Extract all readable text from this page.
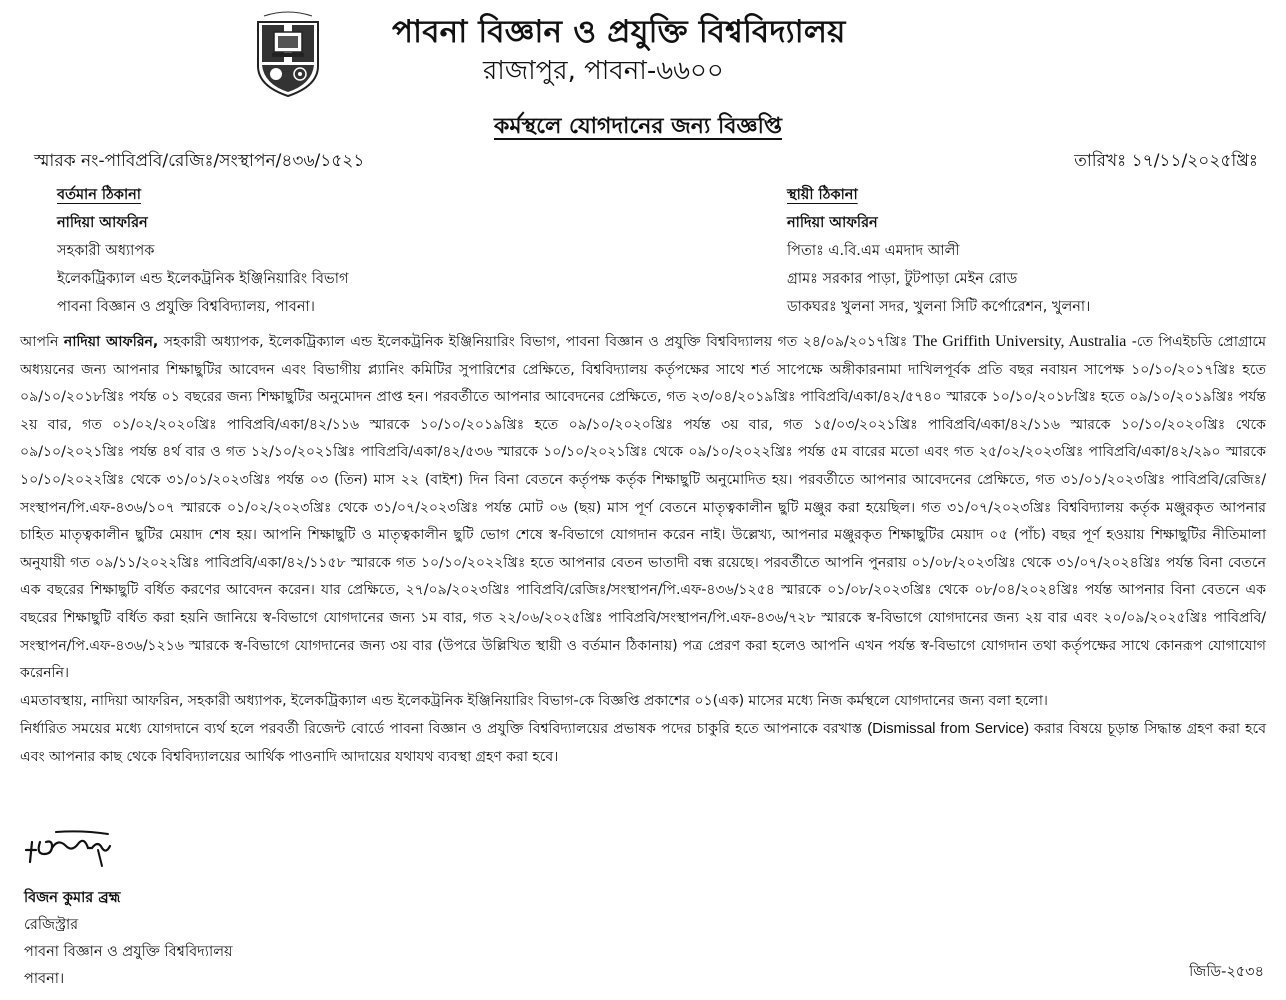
পাবনা বিজ্ঞান ও প্রযুক্তি বিশ্ববিদ্যালয়
রাজাপুর, পাবনা-৬৬০০
কর্মস্থলে যোগদানের জন্য বিজ্ঞপ্তি
স্মারক নং-পাবিপ্রবি/রেজিঃ/সংস্থাপন/৪৩৬/১৫২১	তারিখঃ ১৭/১১/২০২৫খ্রিঃ
বর্তমান ঠিকানা
নাদিয়া আফরিন
সহকারী অধ্যাপক
ইলেকট্রিক্যাল এন্ড ইলেকট্রনিক ইঞ্জিনিয়ারিং বিভাগ
পাবনা বিজ্ঞান ও প্রযুক্তি বিশ্ববিদ্যালয়, পাবনা।
স্থায়ী ঠিকানা
নাদিয়া আফরিন
পিতাঃ এ.বি.এম এমদাদ আলী
গ্রামঃ সরকার পাড়া, টুটপাড়া মেইন রোড
ডাকঘরঃ খুলনা সদর, খুলনা সিটি কর্পোরেশন, খুলনা।

আপনি নাদিয়া আফরিন, সহকারী অধ্যাপক, ইলেকট্রিক্যাল এন্ড ইলেকট্রনিক ইঞ্জিনিয়ারিং বিভাগ, পাবনা বিজ্ঞান ও প্রযুক্তি বিশ্ববিদ্যালয় গত ২৪/০৯/২০১৭খ্রিঃ The Griffith University, Australia -তে পিএইচডি প্রোগ্রামে অধ্যয়নের জন্য আপনার শিক্ষাছুটির আবেদন এবং বিভাগীয় প্ল্যানিং কমিটির সুপারিশের প্রেক্ষিতে, বিশ্ববিদ্যালয় কর্তৃপক্ষের সাথে শর্ত সাপেক্ষে অঙ্গীকারনামা দাখিলপূর্বক প্রতি বছর নবায়ন সাপেক্ষ ১০/১০/২০১৭খ্রিঃ হতে ০৯/১০/২০১৮খ্রিঃ পর্যন্ত ০১ বছরের জন্য শিক্ষাছুটির অনুমোদন প্রাপ্ত হন। পরবর্তীতে আপনার আবেদনের প্রেক্ষিতে, গত ২৩/০৪/২০১৯খ্রিঃ পাবিপ্রবি/একা/৪২/৫৭৪০ স্মারকে ১০/১০/২০১৮খ্রিঃ হতে ০৯/১০/২০১৯খ্রিঃ পর্যন্ত ২য় বার, গত ০১/০২/২০২০খ্রিঃ পাবিপ্রবি/একা/৪২/১১৬ স্মারকে ১০/১০/২০১৯খ্রিঃ হতে ০৯/১০/২০২০খ্রিঃ পর্যন্ত ৩য় বার, গত ১৫/০৩/২০২১খ্রিঃ পাবিপ্রবি/একা/৪২/১১৬ স্মারকে ১০/১০/২০২০খ্রিঃ থেকে ০৯/১০/২০২১খ্রিঃ পর্যন্ত ৪র্থ বার ও গত ১২/১০/২০২১খ্রিঃ পাবিপ্রবি/একা/৪২/৫৩৬ স্মারকে ১০/১০/২০২১খ্রিঃ থেকে ০৯/১০/২০২২খ্রিঃ পর্যন্ত ৫ম বারের মতো এবং গত ২৫/০২/২০২৩খ্রিঃ পাবিপ্রবি/একা/৪২/২৯০ স্মারকে ১০/১০/২০২২খ্রিঃ থেকে ৩১/০১/২০২৩খ্রিঃ পর্যন্ত ০৩ (তিন) মাস ২২ (বাইশ) দিন বিনা বেতনে কর্তৃপক্ষ কর্তৃক শিক্ষাছুটি অনুমোদিত হয়। পরবর্তীতে আপনার আবেদনের প্রেক্ষিতে, গত ৩১/০১/২০২৩খ্রিঃ পাবিপ্রবি/রেজিঃ/সংস্থাপন/পি.এফ-৪৩৬/১০৭ স্মারকে ০১/০২/২০২৩খ্রিঃ থেকে ৩১/০৭/২০২৩খ্রিঃ পর্যন্ত মোট ০৬ (ছয়) মাস পূর্ণ বেতনে মাতৃত্বকালীন ছুটি মঞ্জুর করা হয়েছিল। গত ৩১/০৭/২০২৩খ্রিঃ বিশ্ববিদ্যালয় কর্তৃক মঞ্জুরকৃত আপনার চাহিত মাতৃত্বকালীন ছুটির মেয়াদ শেষ হয়। আপনি শিক্ষাছুটি ও মাতৃত্বকালীন ছুটি ভোগ শেষে স্ব-বিভাগে যোগদান করেন নাই। উল্লেখ্য, আপনার মঞ্জুরকৃত শিক্ষাছুটির মেয়াদ ০৫ (পাঁচ) বছর পূর্ণ হওয়ায় শিক্ষাছুটির নীতিমালা অনুযায়ী গত ০৯/১১/২০২২খ্রিঃ পাবিপ্রবি/একা/৪২/১১৫৮ স্মারকে গত ১০/১০/২০২২খ্রিঃ হতে আপনার বেতন ভাতাদী বন্ধ রয়েছে। পরবর্তীতে আপনি পুনরায় ০১/০৮/২০২৩খ্রিঃ থেকে ৩১/০৭/২০২৪খ্রিঃ পর্যন্ত বিনা বেতনে এক বছরের শিক্ষাছুটি বর্ধিত করণের আবেদন করেন। যার প্রেক্ষিতে, ২৭/০৯/২০২৩খ্রিঃ পাবিপ্রবি/রেজিঃ/সংস্থাপন/পি.এফ-৪৩৬/১২৫৪ স্মারকে ০১/০৮/২০২৩খ্রিঃ থেকে ০৮/০৪/২০২৪খ্রিঃ পর্যন্ত আপনার বিনা বেতনে এক বছরের শিক্ষাছুটি বর্ধিত করা হয়নি জানিয়ে স্ব-বিভাগে যোগদানের জন্য ১ম বার, গত ২২/০৬/২০২৫খ্রিঃ পাবিপ্রবি/সংস্থাপন/পি.এফ-৪৩৬/৭২৮ স্মারকে স্ব-বিভাগে যোগদানের জন্য ২য় বার এবং ২০/০৯/২০২৫খ্রিঃ পাবিপ্রবি/সংস্থাপন/পি.এফ-৪৩৬/১২১৬ স্মারকে স্ব-বিভাগে যোগদানের জন্য ৩য় বার (উপরে উল্লিখিত স্থায়ী ও বর্তমান ঠিকানায়) পত্র প্রেরণ করা হলেও আপনি এখন পর্যন্ত স্ব-বিভাগে যোগদান তথা কর্তৃপক্ষের সাথে কোনরূপ যোগাযোগ করেননি।

এমতাবস্থায়, নাদিয়া আফরিন, সহকারী অধ্যাপক, ইলেকট্রিক্যাল এন্ড ইলেকট্রনিক ইঞ্জিনিয়ারিং বিভাগ-কে বিজ্ঞপ্তি প্রকাশের ০১(এক) মাসের মধ্যে নিজ কর্মস্থলে যোগদানের জন্য বলা হলো।

নির্ধারিত সময়ের মধ্যে যোগদানে ব্যর্থ হলে পরবর্তী রিজেন্ট বোর্ডে পাবনা বিজ্ঞান ও প্রযুক্তি বিশ্ববিদ্যালয়ের প্রভাষক পদের চাকুরি হতে আপনাকে বরখাস্ত (Dismissal from Service) করার বিষয়ে চূড়ান্ত সিদ্ধান্ত গ্রহণ করা হবে এবং আপনার কাছ থেকে বিশ্ববিদ্যালয়ের আর্থিক পাওনাদি আদায়ের যথাযথ ব্যবস্থা গ্রহণ করা হবে।

বিজন কুমার ব্রহ্ম
রেজিস্ট্রার
পাবনা বিজ্ঞান ও প্রযুক্তি বিশ্ববিদ্যালয়
পাবনা।	জিডি-২৫৩৪
